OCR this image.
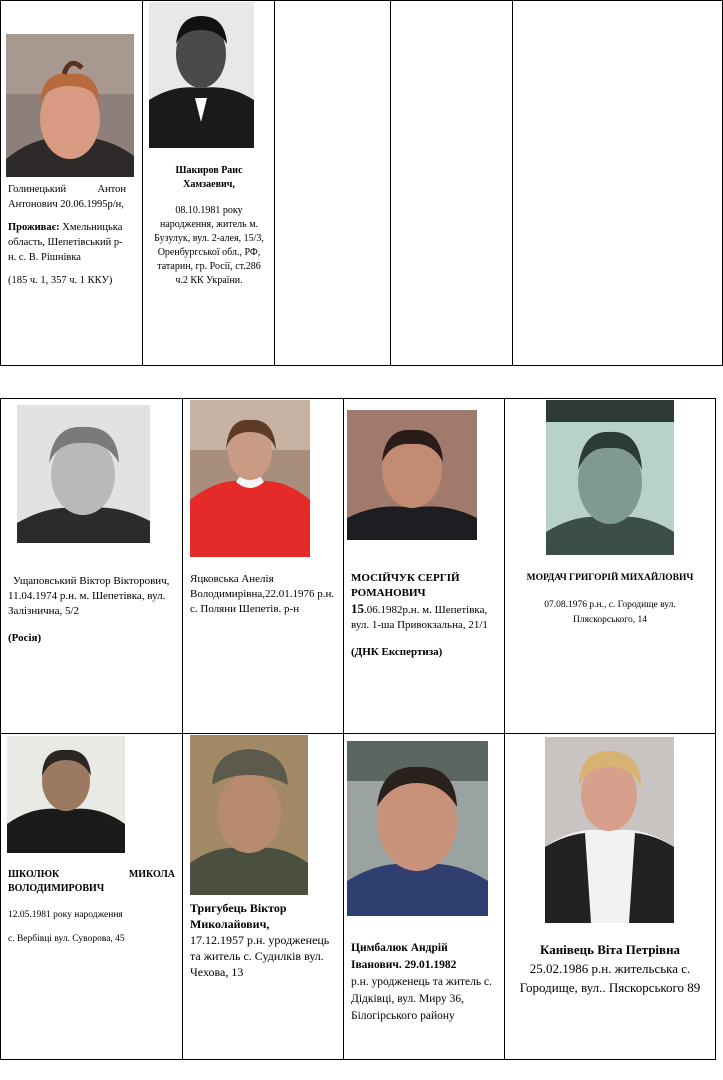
Голинецький Антон

Антонович 20.06.1995р/н,

Проживає: Хмельницька область, Шепетівський р-н. с. В. Рішнівка

(185 ч. 1, 357 ч. 1 ККУ)

Шакиров Раис Хамзаевич,

08.10.1981 року народження, житель м. Бузулук, вул. 2-алея, 15/3, Оренбургської обл., РФ, татарин, гр. Росії, ст.286 ч.2 КК України.

Ущаповський Віктор Вікторович, 11.04.1974 р.н. м. Шепетівка, вул. Залізнична, 5/2

(Росія)

Яцковська Анелія Володимирівна,22.01.1976 р.н. с. Поляни Шепетів. р-н

МОСІЙЧУК СЕРГІЙ РОМАНОВИЧ

15.06.1982р.н. м. Шепетівка, вул. 1-ша Привокзальна, 21/1

(ДНК Експертиза)

МОРДАЧ ГРИГОРІЙ МИХАЙЛОВИЧ

07.08.1976 р.н., с. Городище вул. Пляскорського, 14

ШКОЛЮК	МИКОЛА

ВОЛОДИМИРОВИЧ

12.05.1981 року народження

с. Вербівці вул. Суворова, 45

Тригубець Віктор Миколайович,

17.12.1957 р.н. уродженець та житель с. Судилків вул. Чехова, 13

Цимбалюк Андрій Іванович. 29.01.1982

р.н. уродженець та житель с. Дідківці, вул. Миру 36, Білогірського району

Канівець Віта Петрівна

25.02.1986 р.н. жительська с. Городище, вул.. Пяскорського 89
